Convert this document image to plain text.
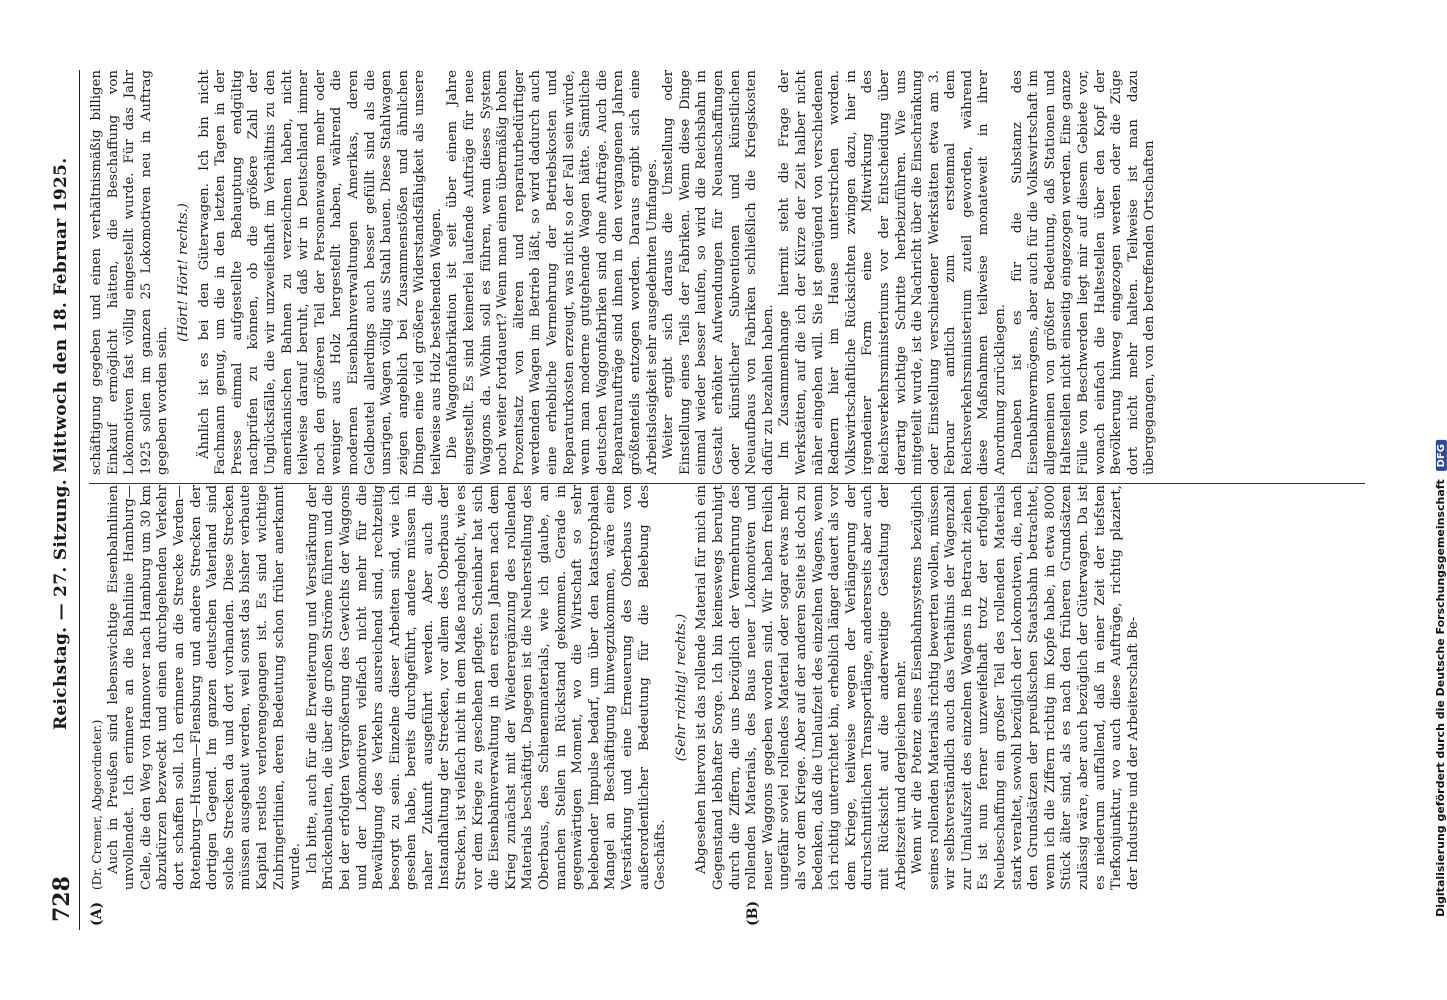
728
Reichstag. — 27. Sitzung. Mittwoch den 18. Februar 1925.
(A)	(B)

(Dr. Cremer, Abgeordneter.) Auch in Preußen sind lebenswichtige Eisenbahnlinien unvollendet. Ich erinnere an die Bahnlinie Hamburg—Celle, die den Weg von Hannover nach Hamburg um 30 km abzukürzen bezweckt und einen durchgehenden Verkehr dort schaffen soll. Ich erinnere an die Strecke Verden—Rotenburg—Husum—Flensburg und andere Strecken der dortigen Gegend. Im ganzen deutschen Vaterland sind solche Strecken da und dort vorhanden. Diese Strecken müssen ausgebaut werden, weil sonst das bisher verbaute Kapital restlos verlorengegangen ist. Es sind wichtige Zubringerlinien, deren Bedeutung schon früher anerkannt wurde. Ich bitte, auch für die Erweiterung und Verstärkung der Brückenbauten, die über die großen Ströme führen und die bei der erfolgten Vergrößerung des Gewichts der Waggons und der Lokomotiven vielfach nicht mehr für die Bewältigung des Verkehrs ausreichend sind, rechtzeitig besorgt zu sein. Einzelne dieser Arbeiten sind, wie ich gesehen habe, bereits durchgeführt, andere müssen in naher Zukunft ausgeführt werden. Aber auch die Instandhaltung der Strecken, vor allem des Oberbaus der Strecken, ist vielfach nicht in dem Maße nachgeholt, wie es vor dem Kriege zu geschehen pflegte. Scheinbar hat sich die Eisenbahnverwaltung in den ersten Jahren nach dem Krieg zunächst mit der Wiederergänzung des rollenden Materials beschäftigt. Dagegen ist die Neuherstellung des Oberbaus, des Schienenmaterials, wie ich glaube, an manchen Stellen in Rückstand gekommen. Gerade in gegenwärtigen Moment, wo die Wirtschaft so sehr belebender Impulse bedarf, um über den katastrophalen Mangel an Beschäftigung hinwegzukommen, wäre eine Verstärkung und eine Erneuerung des Oberbaus von außerordentlicher Bedeutung für die Belebung des Geschäfts.

(Sehr richtig! rechts.) Abgesehen hiervon ist das rollende Material für mich ein Gegenstand lebhafter Sorge. Ich bin keineswegs beruhigt durch die Ziffern, die uns bezüglich der Vermehrung des rollenden Materials, des Baus neuer Lokomotiven und neuer Waggons gegeben worden sind. Wir haben freilich ungefähr soviel rollendes Material oder sogar etwas mehr als vor dem Kriege. Aber auf der anderen Seite ist doch zu bedenken, daß die Umlaufzeit des einzelnen Wagens, wenn ich richtig unterrichtet bin, erheblich länger dauert als vor dem Kriege, teilweise wegen der Verlängerung der durchschnittlichen Transportlänge, andererseits aber auch mit Rücksicht auf die anderweitige Gestaltung der Arbeitszeit und dergleichen mehr. Wenn wir die Potenz eines Eisenbahnsystems bezüglich seines rollenden Materials richtig bewerten wollen, müssen wir selbstverständlich auch das Verhältnis der Wagenzahl zur Umlaufszeit des einzelnen Wagens in Betracht ziehen. Es ist nun ferner unzweifelhaft trotz der erfolgten Neubeschaffung ein großer Teil des rollenden Materials stark veraltet, sowohl bezüglich der Lokomotiven, die, nach den Grundsätzen der preußischen Staatsbahn betrachtet, wenn ich die Ziffern richtig im Kopfe habe, in etwa 8000 Stück älter sind, als es nach den früheren Grundsätzen zulässig wäre, aber auch bezüglich der Güterwagen. Da ist es niederum auffallend, daß in einer Zeit der tiefsten Tiefkonjunktur, wo auch diese Aufträge, richtig plaziert, der Industrie und der Arbeiterschaft Be-

schäftigung gegeben und einen verhältnismäßig billigen Einkauf ermöglicht hätten, die Beschaffung von Lokomotiven fast völlig eingestellt wurde. Für das Jahr 1925 sollen im ganzen 25 Lokomotiven neu in Auftrag gegeben worden sein.

(Hört! Hört! rechts.) Ähnlich ist es bei den Güterwagen. Ich bin nicht Fachmann genug, um die in den letzten Tagen in der Presse einmal aufgestellte Behauptung endgültig nachprüfen zu können, ob die größere Zahl der Unglücksfälle, die wir unzweifelhaft im Verhältnis zu den amerikanischen Bahnen zu verzeichnen haben, nicht teilweise darauf beruht, daß wir in Deutschland immer noch den größeren Teil der Personenwagen mehr oder weniger aus Holz hergestellt haben, während die modernen Eisenbahnverwaltungen Amerikas, deren Geldbeutel allerdings auch besser gefüllt sind als die unsrigen, Wagen völlig aus Stahl bauen. Diese Stahlwagen zeigen angeblich bei Zusammenstößen und ähnlichen Dingen eine viel größere Widerstandsfähigkeit als unsere teilweise aus Holz bestehenden Wagen. Die Waggonfabrikation ist seit über einem Jahre eingestellt. Es sind keinerlei laufende Aufträge für neue Waggons da. Wohin soll es führen, wenn dieses System noch weiter fortdauert? Wenn man einen übermäßig hohen Prozentsatz von älteren und reparaturbedürftiger werdenden Wagen im Betrieb läßt, so wird dadurch auch eine erhebliche Vermehrung der Betriebskosten und Reparaturkosten erzeugt, was nicht so der Fall sein würde, wenn man moderne gutgehende Wagen hätte. Sämtliche deutschen Waggonfabriken sind ohne Aufträge. Auch die Reparaturaufträge sind ihnen in den vergangenen Jahren größtenteils entzogen worden. Daraus ergibt sich eine Arbeitslosigkeit sehr ausgedehnten Umfanges. Weiter ergibt sich daraus die Umstellung oder Einstellung eines Teils der Fabriken. Wenn diese Dinge einmal wieder besser laufen, so wird die Reichsbahn in Gestalt erhöhter Aufwendungen für Neuanschaffungen oder künstlicher Subventionen und künstlichen Neuaufbaus von Fabriken schließlich die Kriegskosten dafür zu bezahlen haben. Im Zusammenhange hiermit steht die Frage der Werkstätten, auf die ich der Kürze der Zeit halber nicht näher eingehen will. Sie ist genügend von verschiedenen Rednern hier im Hause unterstrichen worden. Volkswirtschaftliche Rücksichten zwingen dazu, hier in irgendeiner Form eine Mitwirkung des Reichsverkehrsministeriums vor der Entscheidung über derartig wichtige Schritte herbeizuführen. Wie uns mitgeteilt wurde, ist die Nachricht über die Einschränkung oder Einstellung verschiedener Werkstätten etwa am 3. Februar amtlich zum erstenmal dem Reichsverkehrsministerium zuteil geworden, während diese Maßnahmen teilweise monateweit in ihrer Anordnung zurückliegen. Daneben ist es für die Substanz des Eisenbahnvermögens, aber auch für die Volkswirtschaft im allgemeinen von größter Bedeutung, daß Stationen und Haltestellen nicht einseitig eingezogen werden. Eine ganze Fülle von Beschwerden liegt mir auf diesem Gebiete vor, wonach einfach die Haltestellen über den Kopf der Bevölkerung hinweg eingezogen werden oder die Züge dort nicht mehr halten. Teilweise ist man dazu übergegangen, von den betreffenden Ortschaften

Digitalisierung gefördert durch die Deutsche Forschungsgemeinschaft DFG
